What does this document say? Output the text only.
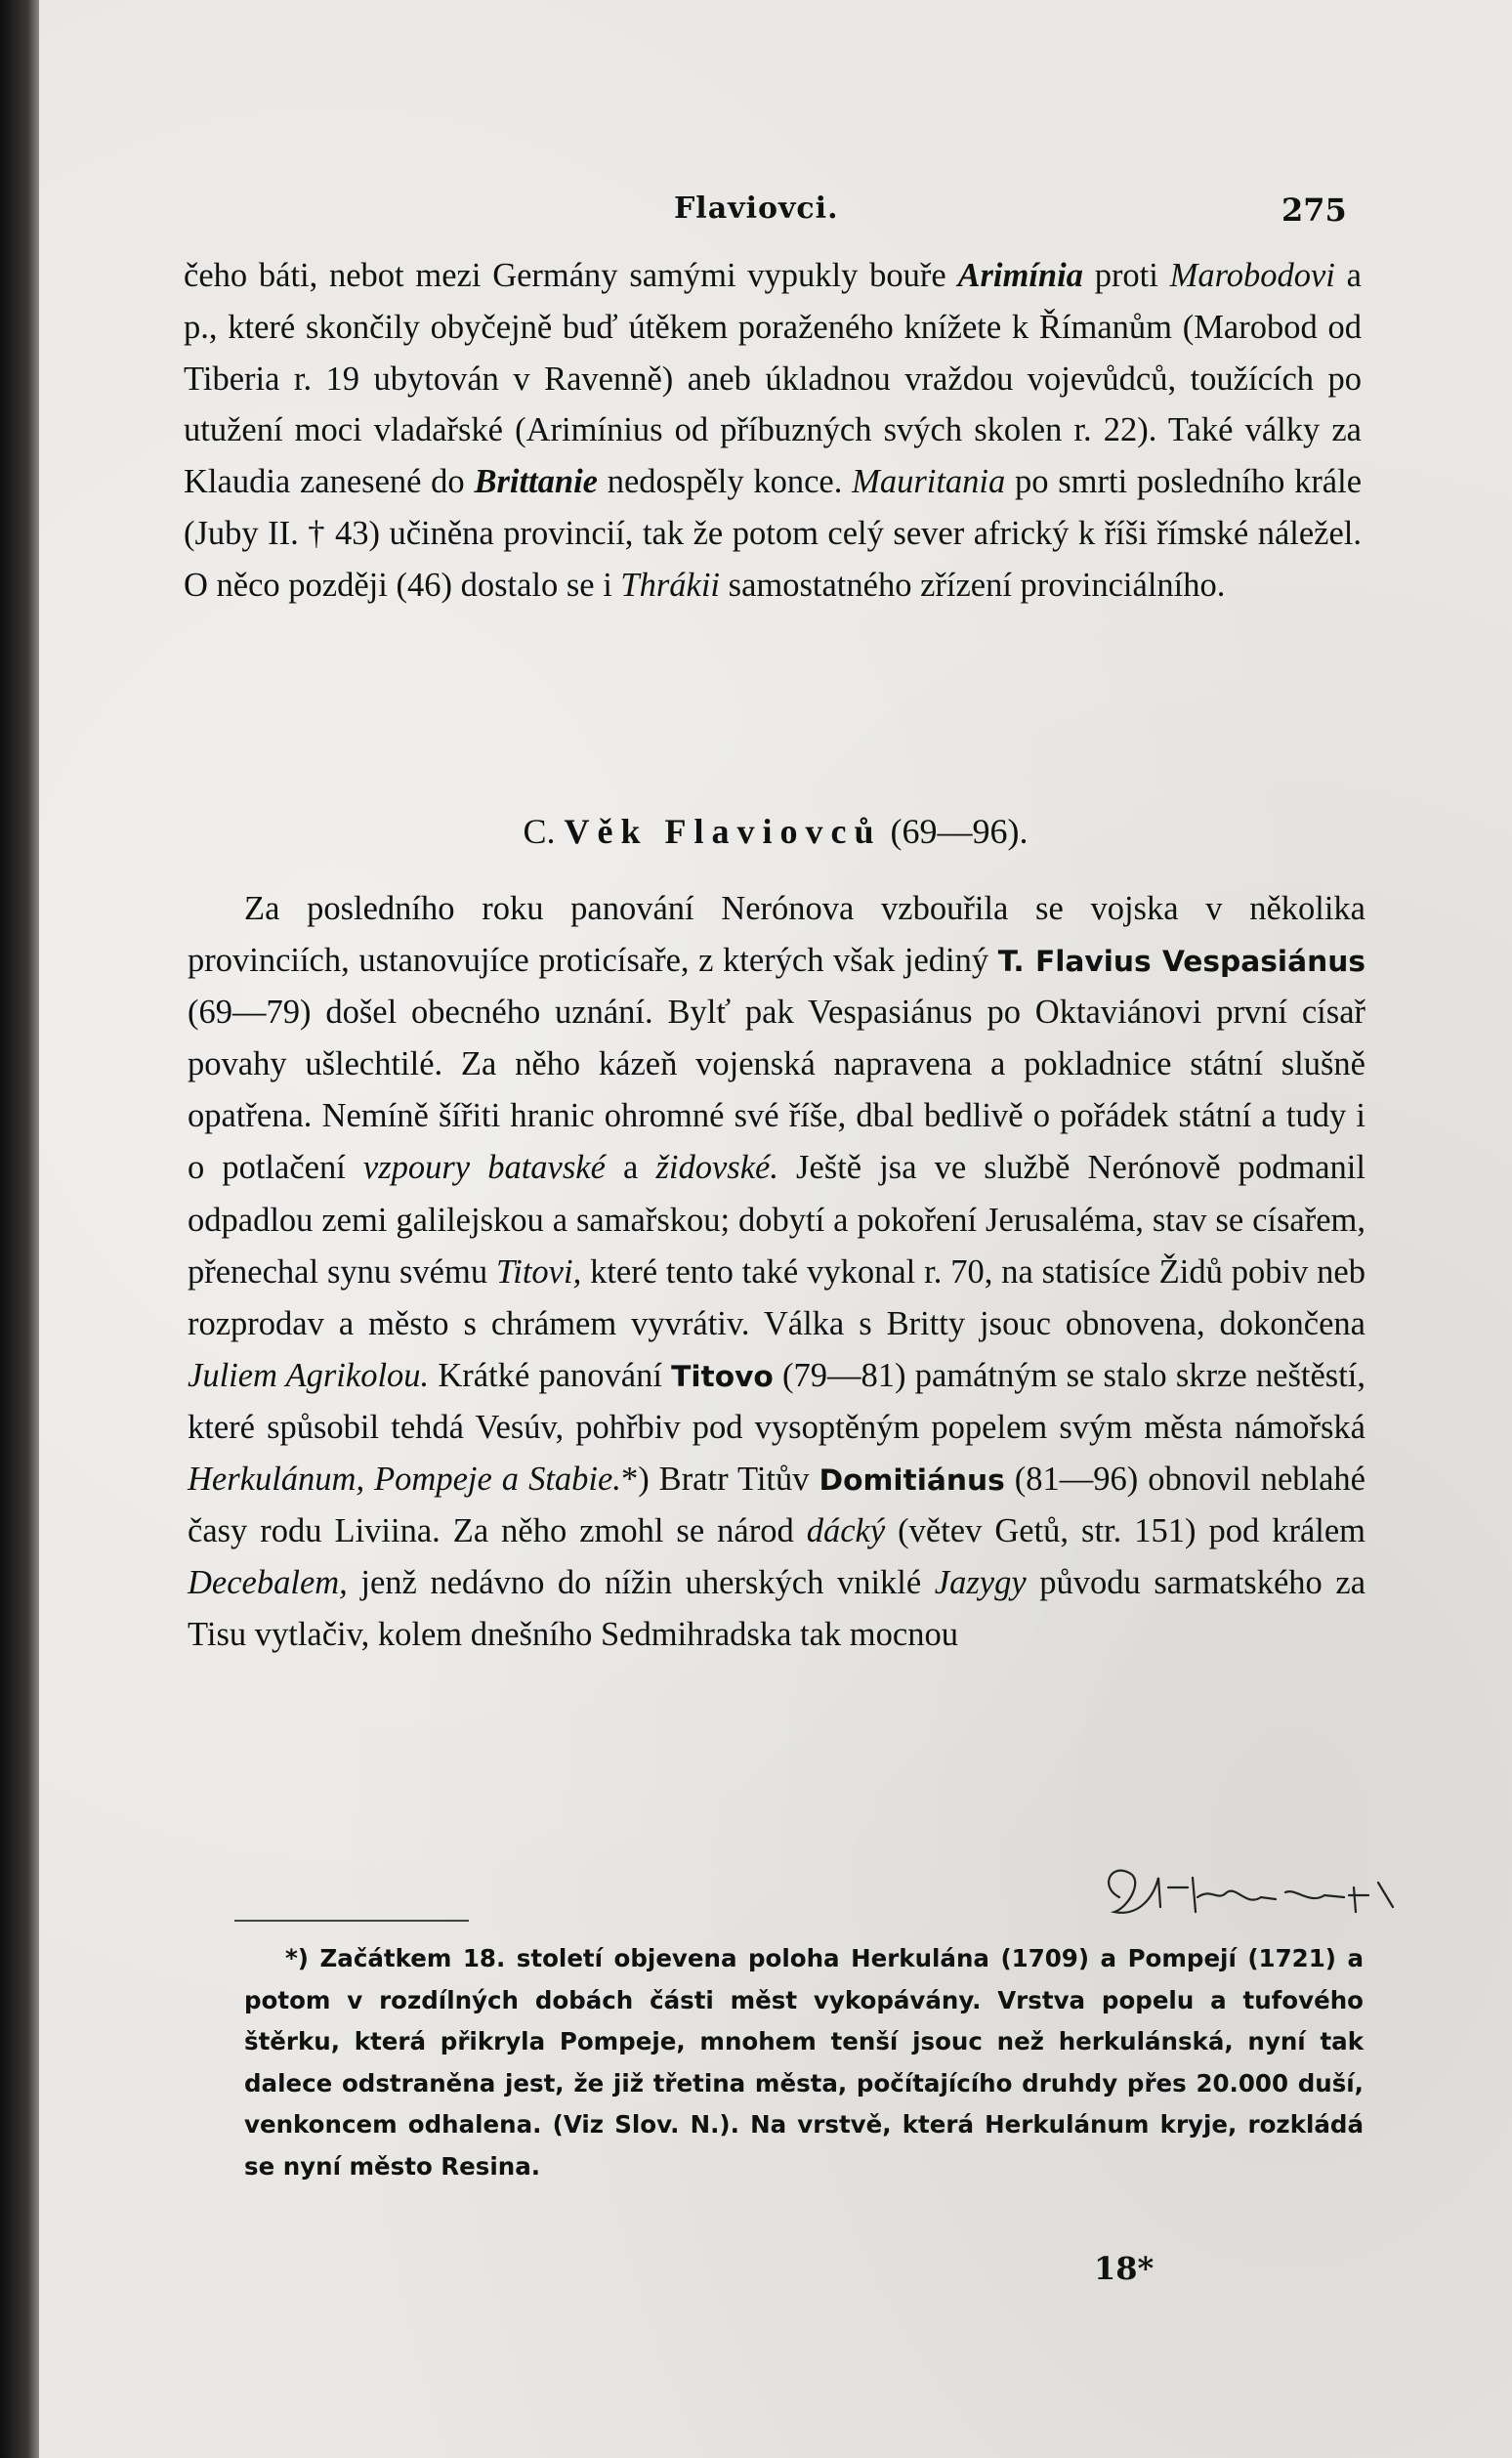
Flaviovci.	275

čeho báti, nebot mezi Germány samými vypukly bouře Arimínia proti Marobodovi a p., které skončily obyčejně buď útěkem poraženého knížete k Římanům (Marobod od Tiberia r. 19 ubytován v Ravenně) aneb úkladnou vraždou vojevůdců, toužících po utužení moci vladařské (Arimínius od příbuzných svých skolen r. 22). Také války za Klaudia zanesené do Brittanie nedospěly konce. Mauritania po smrti posledního krále (Juby II. † 43) učiněna provincií, tak že potom celý sever africký k říši římské náležel. O něco později (46) dostalo se i Thrákii samostatného zřízení provinciálního.

C. Věk Flaviovců (69—96).

Za posledního roku panování Nerónova vzbouřila se vojska v několika provinciích, ustanovujíce proticísaře, z kterých však jediný T. Flavius Vespasiánus (69—79) došel obecného uznání. Bylť pak Vespasiánus po Oktaviánovi první císař povahy ušlechtilé. Za něho kázeň vojenská napravena a pokladnice státní slušně opatřena. Nemíně šířiti hranic ohromné své říše, dbal bedlivě o pořádek státní a tudy i o potlačení vzpoury batavské a židovské. Ještě jsa ve službě Nerónově podmanil odpadlou zemi galilejskou a samařskou; dobytí a pokoření Jerusaléma, stav se císařem, přenechal synu svému Titovi, které tento také vykonal r. 70, na statisíce Židů pobiv neb rozprodav a město s chrámem vyvrátiv. Válka s Britty jsouc obnovena, dokončena Juliem Agrikolou. Krátké panování Titovo (79—81) památným se stalo skrze neštěstí, které spůsobil tehdá Vesúv, pohřbiv pod vysoptěným popelem svým města námořská Herkulánum, Pompeje a Stabie.*) Bratr Titův Domitiánus (81—96) obnovil neblahé časy rodu Liviina. Za něho zmohl se národ dácký (větev Getů, str. 151) pod králem Decebalem, jenž nedávno do nížin uherských vniklé Jazygy původu sarmatského za Tisu vytlačiv, kolem dnešního Sedmihradska tak mocnou

*) Začátkem 18. století objevena poloha Herkulána (1709) a Pompejí (1721) a potom v rozdílných dobách části měst vykopávány. Vrstva popelu a tufového štěrku, která přikryla Pompeje, mnohem tenší jsouc než herkulánská, nyní tak dalece odstraněna jest, že již třetina města, počítajícího druhdy přes 20.000 duší, venkoncem odhalena. (Viz Slov. N.). Na vrstvě, která Herkulánum kryje, rozkládá se nyní město Resina.
18*
